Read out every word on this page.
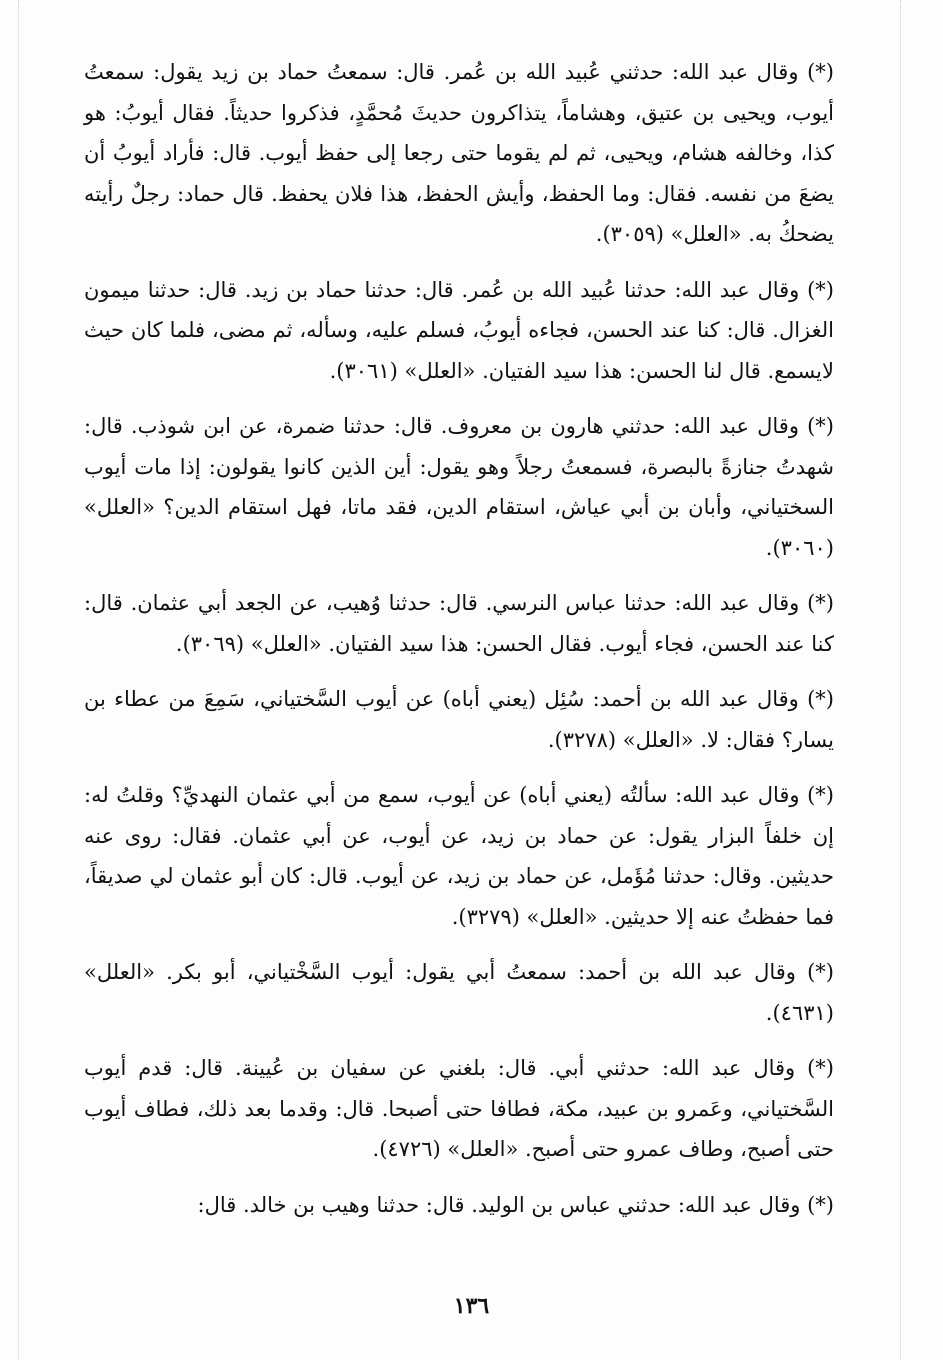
(*) وقال عبد الله: حدثني عُبيد الله بن عُمر. قال: سمعتُ حماد بن زيد يقول: سمعتُ أيوب، ويحيى بن عتيق، وهشاماً، يتذاكرون حديثَ مُحمَّدٍ، فذكروا حديثاً. فقال أيوبُ: هو كذا، وخالفه هشام، ويحيى، ثم لم يقوما حتى رجعا إلى حفظ أيوب. قال: فأراد أيوبُ أن يضعَ من نفسه. فقال: وما الحفظ، وأيش الحفظ، هذا فلان يحفظ. قال حماد: رجلٌ رأيته يضحكُ به. «العلل» (٣٠٥٩).

(*) وقال عبد الله: حدثنا عُبيد الله بن عُمر. قال: حدثنا حماد بن زيد. قال: حدثنا ميمون الغزال. قال: كنا عند الحسن، فجاءه أيوبُ، فسلم عليه، وسأله، ثم مضى، فلما كان حيث لايسمع. قال لنا الحسن: هذا سيد الفتيان. «العلل» (٣٠٦١).

(*) وقال عبد الله: حدثني هارون بن معروف. قال: حدثنا ضمرة، عن ابن شوذب. قال: شهدتُ جنازةً بالبصرة، فسمعتُ رجلاً وهو يقول: أين الذين كانوا يقولون: إذا مات أيوب السختياني، وأبان بن أبي عياش، استقام الدين، فقد ماتا، فهل استقام الدين؟ «العلل» (٣٠٦٠).

(*) وقال عبد الله: حدثنا عباس النرسي. قال: حدثنا وُهيب، عن الجعد أبي عثمان. قال: كنا عند الحسن، فجاء أيوب. فقال الحسن: هذا سيد الفتيان. «العلل» (٣٠٦٩).

(*) وقال عبد الله بن أحمد: سُئِل (يعني أباه) عن أيوب السَّختياني، سَمِعَ من عطاء بن يسار؟ فقال: لا. «العلل» (٣٢٧٨).

(*) وقال عبد الله: سألتُه (يعني أباه) عن أيوب، سمع من أبي عثمان النهديِّ؟ وقلتُ له: إن خلفاً البزار يقول: عن حماد بن زيد، عن أيوب، عن أبي عثمان. فقال: روى عنه حديثين. وقال: حدثنا مُؤَمل، عن حماد بن زيد، عن أيوب. قال: كان أبو عثمان لي صديقاً، فما حفظتُ عنه إلا حديثين. «العلل» (٣٢٧٩).

(*) وقال عبد الله بن أحمد: سمعتُ أبي يقول: أيوب السَّخْتياني، أبو بكر. «العلل» (٤٦٣١).

(*) وقال عبد الله: حدثني أبي. قال: بلغني عن سفيان بن عُيينة. قال: قدم أيوب السَّختياني، وعَمرو بن عبيد، مكة، فطافا حتى أصبحا. قال: وقدما بعد ذلك، فطاف أيوب حتى أصبح، وطاف عمرو حتى أصبح. «العلل» (٤٧٢٦).

(*) وقال عبد الله: حدثني عباس بن الوليد. قال: حدثنا وهيب بن خالد. قال:

١٣٦
